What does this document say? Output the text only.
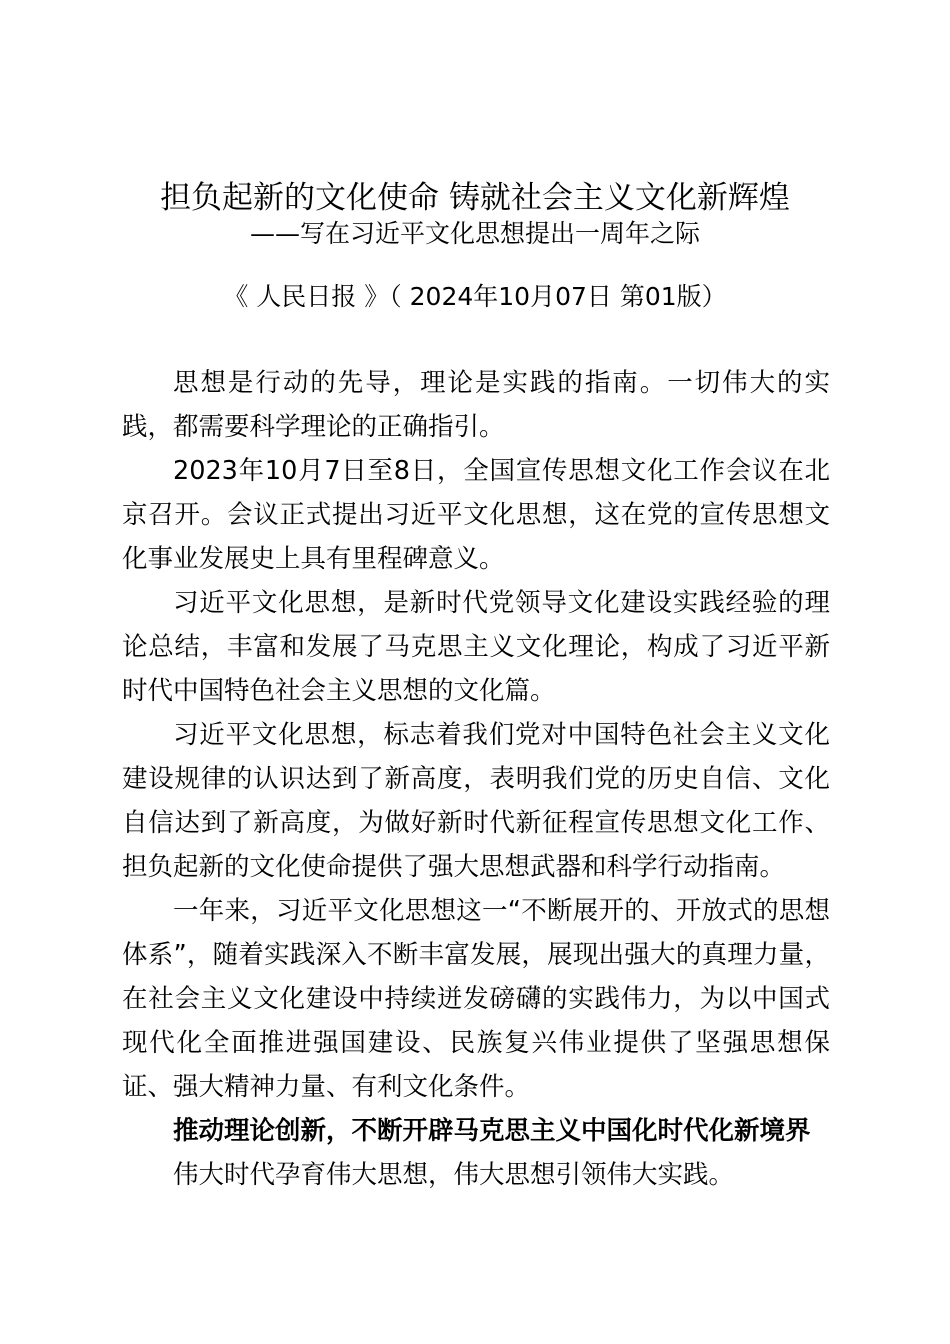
担负起新的文化使命 铸就社会主义文化新辉煌
——写在习近平文化思想提出一周年之际
《 人民日报 》（ 2024年10月07日 第01版）

思想是行动的先导，理论是实践的指南。一切伟大的实践，都需要科学理论的正确指引。

2023年10月7日至8日，全国宣传思想文化工作会议在北京召开。会议正式提出习近平文化思想，这在党的宣传思想文化事业发展史上具有里程碑意义。

习近平文化思想，是新时代党领导文化建设实践经验的理论总结，丰富和发展了马克思主义文化理论，构成了习近平新时代中国特色社会主义思想的文化篇。

习近平文化思想，标志着我们党对中国特色社会主义文化建设规律的认识达到了新高度，表明我们党的历史自信、文化自信达到了新高度，为做好新时代新征程宣传思想文化工作、担负起新的文化使命提供了强大思想武器和科学行动指南。

一年来，习近平文化思想这一“不断展开的、开放式的思想体系”，随着实践深入不断丰富发展，展现出强大的真理力量，在社会主义文化建设中持续迸发磅礴的实践伟力，为以中国式现代化全面推进强国建设、民族复兴伟业提供了坚强思想保证、强大精神力量、有利文化条件。

推动理论创新，不断开辟马克思主义中国化时代化新境界

伟大时代孕育伟大思想，伟大思想引领伟大实践。
